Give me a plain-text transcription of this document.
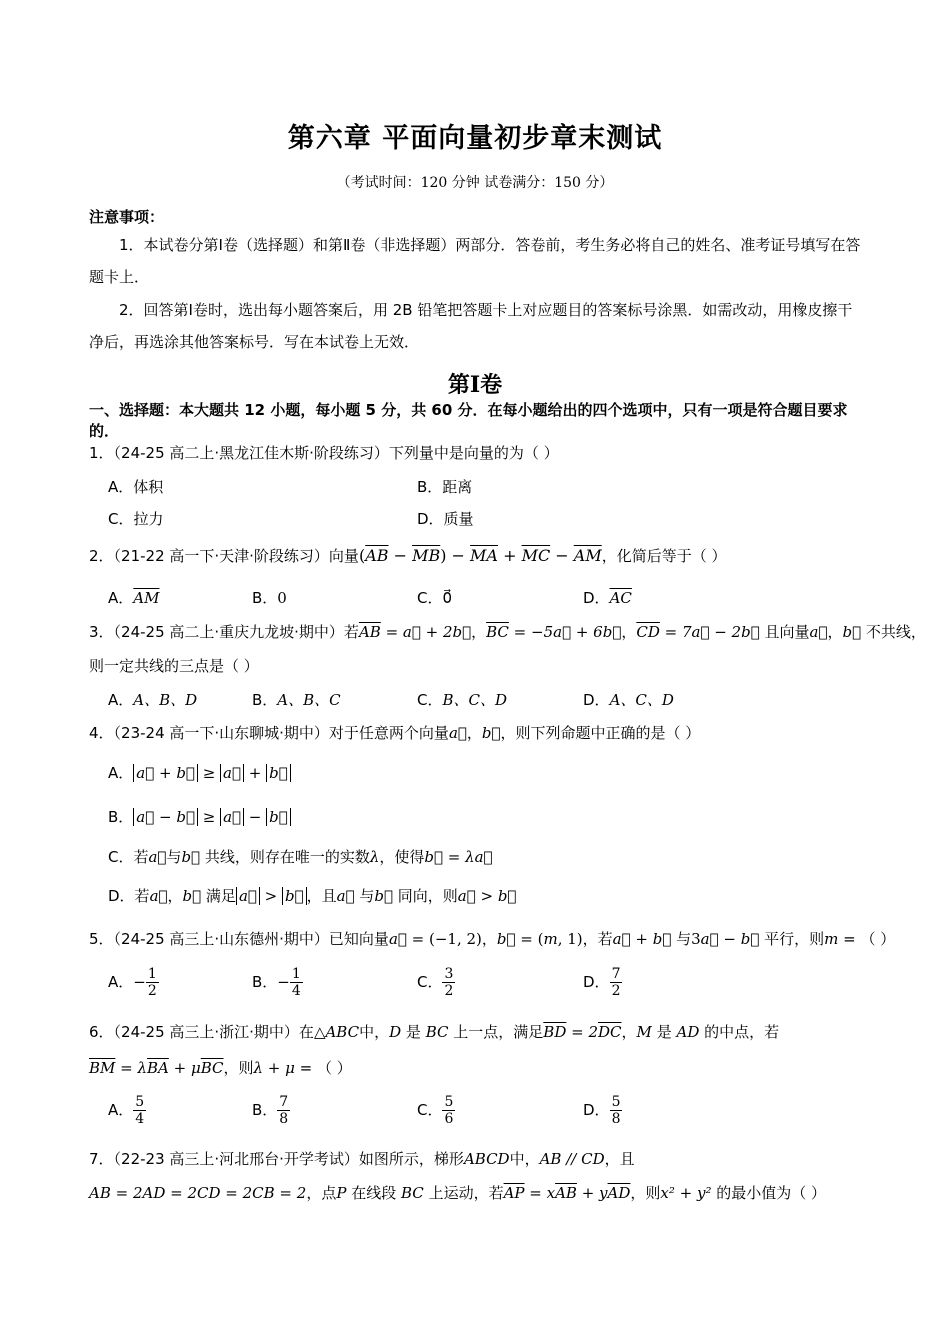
第六章 平面向量初步章末测试
（考试时间：120 分钟 试卷满分：150 分）
注意事项：
1．本试卷分第Ⅰ卷（选择题）和第Ⅱ卷（非选择题）两部分．答卷前，考生务必将自己的姓名、准考证号填写在答题卡上．
2．回答第Ⅰ卷时，选出每小题答案后，用 2B 铅笔把答题卡上对应题目的答案标号涂黑．如需改动，用橡皮擦干净后，再选涂其他答案标号．写在本试卷上无效．
第Ⅰ卷
一、选择题：本大题共 12 小题，每小题 5 分，共 60 分．在每小题给出的四个选项中，只有一项是符合题目要求的．
1．（24-25 高二上·黑龙江佳木斯·阶段练习）下列量中是向量的为（ ）
A．体积	B．距离
C．拉力	D．质量
2．（21-22 高一下·天津·阶段练习）向量$(\overline{AB} - \overline{MB}) - \overline{MA} + \overline{MC} - \overline{AM}$，化简后等于（ ）
A．$\overline{AM}$	B．0	C．0⃗	D．$\overline{AC}$
3．（24-25 高二上·重庆九龙坡·期中）若$\overline{AB}$ = a⃗ + 2b⃗，$\overline{BC}$ = −5a⃗ + 6b⃗，$\overline{CD}$ = 7a⃗ − 2b⃗ 且向量a⃗，b⃗ 不共线，
则一定共线的三点是（ ）
A．A、B、D	B．A、B、C	C．B、C、D	D．A、C、D
4．（23-24 高一下·山东聊城·期中）对于任意两个向量a⃗，b⃗，则下列命题中正确的是（ ）
A． a⃗ + b⃗ ≥ a⃗ + b⃗
B． a⃗ − b⃗ ≥ a⃗ − b⃗
C．若a⃗与b⃗ 共线，则存在唯一的实数λ，使得b⃗ = λa⃗
D．若a⃗，b⃗ 满足 a⃗ > b⃗ ，且a⃗ 与b⃗ 同向，则a⃗ > b⃗
5．（24-25 高三上·山东德州·期中）已知向量a⃗ = (−1, 2)，b⃗ = (m, 1)，若a⃗ + b⃗ 与3a⃗ − b⃗ 平行，则m = （ ）
A．− $\frac{1}{2}$	B．− $\frac{1}{4}$	C． $\frac{3}{2}$	D． $\frac{7}{2}$
6．（24-25 高三上·浙江·期中）在△ABC中，D 是 BC 上一点，满足$\overline{BD} = 2\overline{DC}$，M 是 AD 的中点，若
$\overline{BM} = \lambda\overline{BA} + \mu\overline{BC}$，则λ + μ = （ ）
A． $\frac{5}{4}$	B． $\frac{7}{8}$	C． $\frac{5}{6}$	D． $\frac{5}{8}$
7．（22-23 高三上·河北邢台·开学考试）如图所示，梯形ABCD中，AB // CD，且
AB = 2AD = 2CD = 2CB = 2，点P 在线段 BC 上运动，若$\overline{AP} = x\overline{AB} + y\overline{AD}$，则x² + y² 的最小值为（ ）
